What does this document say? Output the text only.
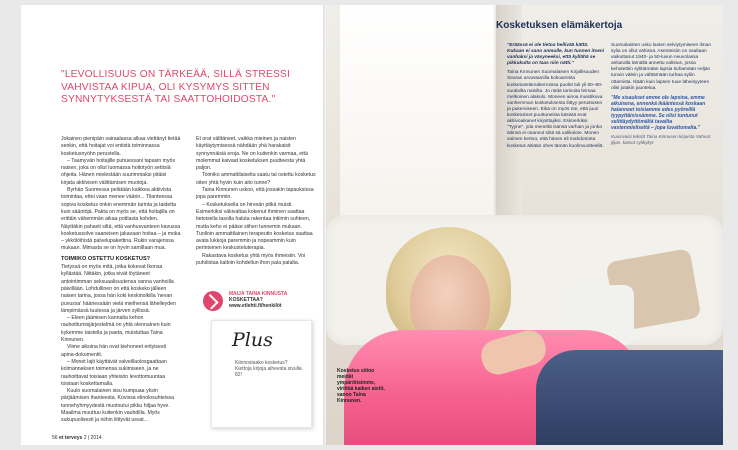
"LEVOLLISUUS ON TÄRKEÄÄ, SILLÄ STRESSI VAHVISTAA KIPUA, OLI KYSYMYS SITTEN SYNNYTYKSESTÄ TAI SAATTOHOIDOSTA."

Jokainen pienipäin sairaalassa alkaa viettänyt tietää senkin, että hoitajat voi entistä toiminnassa kosketusnyöhn perustella.

– Taamyvän hoitajille puhuessani tapasin myös naisen, joka on ollut luomassa hoitotyön settisiä ohjeita. Hänen mielestään suurimmaksi pitäisi kirjata aktiivisen välittämisen muotoja.

Byrhän Suomessa pelätään kaikkea aktiivista toimintaa, ettei vaan menee väärin... Tilanteessa sopiva kosketus onkin enemmän tarinta ja taidetta kuin sääntöjä. Pakta on myös se, että hoitajilla on erittäin vähemmän aikaa potilasta kohden. Näyttäkin pahasti siltä, että vanhusvanteen kavussa kosketussolve saaneisen jakavaan hoitaa – ja moka – ykkölöihistä palvelupakettina. Rukin varajenssa mukaan. Mimasta se on hyvin samillaan mua.

TOIMIIKO OSTETTU KOSKETUS?

Tietyssä on myös mitä, jotka kokevat Ikonsa kyllästää. Niitäkin, jotka eivät löytäneet antointimman seksuaalisuutensa vanna vanhoilla päivillään. Lohdullinen on että koskeko jälleen naisen tarina, jossa hän koki keskinolkilla 'nevan puvussa' hääriessään vielä mielhensä lähelleyden lämpimässä tuulessa ja järven syllissä.

– Eleen jäämisen kannalta kehon rauhoittumisjärjestelmä on yhtä olennainen kuin kykemme taistella ja paeta, muistuttaa Taina Kinnunen.

Viime aikoina hän ovat kiehoneet erityisesti apina-dokumentit.

– Monet lajit käyttävät valveillaolosgaattaan kolmanneksen toimensa sukimiseen, ja ne rauhoittavat toisiaan yhteisön levottomuuntaa toisiaan koskettamalla.

Kuulo suomalainen sisu kumpuaa yksin pärjäämisen ihanteesta. Kovissa elinolosuhteissa tunnehyhmyydestä muotoutui pikku hiljaa hyve. Maailma muuttuu kuitenkin vauhdilla. Myös sukupuolisesti ja niihin liittyvät usvat...

Et orat välttäneet, vaikka mieinen ja naisten käyttäytymisessä nähdään yhä harakaisit synnynnäisiä eroja. Ne on kuitenkin varmaa, että molemmat kaivaat kosketuksen puutteesta yhtä paljon.

Toimiko ammattilaiselta saatu tai ostettu kosketus oiten yhtä hyvin kuin aito tunne?

Taina Kinnunen uskoo, että jossakin tapauksissa jopa paremmin.

– Kosketuksella on hirveän pitkä muisti. Esimerkiksi väkivaltaa kokenut ihminen saattaa tietoisella tasolla haluta rakentaa intiimin suhteen, mutta keho ei pääse siihen tunnemin mukaan. Tuolloin ammattilainen terapeutin kosketus saattaa avata lukkoja paremmin ja nopeammin kuin perinteinen keskusteluterapia.

Rakastava kosketus yhtä myös ihmeisiin. Voi puhdistaa kaltoin kohdellun ihon pala palalta.

MAIJA TAINA KINNUSTA
KOSKETTAA?
www.etlehti.fi/henkilöt
Plus
Kiinnostaako kosketus? Kiettoja kirjoja aiheesta sivulla 82!
56 et terveys 2 | 2014
Kosketuksen elämäkertoja

"Eräässä ei ole tietoa hellivää kättä. Kukaan ei sano anmulle, kun tunnen itseni vanhaksi ja väsyneeksi, että kyllähä se pikkukulta on taas niin nätti."

Taina Kinnunen Suomalaisen Kirjallisuuden Seuran arvustamilla kokoamista kosketuselämäkerroissa puolet tuli yli 60–80-vuotiailta naisilta. Jo näitä tarinoita leimaa melkoinen alakulo. Moneen ainoa muistikuva vanhemman kosketuksesta liittyy perustosen ja pukemiseen. Eikä on myös nte, että juuri kosketukset puuttuneista käsistä evat aktiivoaikanet kirjoittajiksi. Esimerkiksi "Tyyne", jola meneltä isänsä varhain ja jonka äitinsä ei osannut siitä sä valikukse. Monen vaimen kertoo, että hänen eli mahdotonta kosketus äitiään ohes tämän kuolinvuotteellä.

Suomalaisten usko lasten selviytymiseen ilman sylia on ollut vähissä. Asenteisiin on osaltaan vaikuttanut 1940- ja 50-luvun neuvolassa ankaralla tämällä annettu valistus, jossa kehotettiin sylittämään lapsia tiuhamään neljän tunnin välein ja välttämään turhaa syliin ottamista. Ikään kuin lapsen tuue läheisyyteen olisi jotakin juuntelua.

"Me sisaukset emme ole lapsina, emme aikuisena, ennenkä ikääntessä koskaan halanneet toisiamme edes pyöreillä tyypyttäisissämme. Se olisi tuntunut selittäydyttömältä tavailta vastenmieliseltä – jopa luvattomalta."

Kuusivaisi tekstit Taina Kinnusen kirjaista Vahvat jiljan, katsot sylikykyt

Kosketus siitoo meidät ympäröitsimme, virittää kaiken aistit, sanoo Taina Kinnunen.
